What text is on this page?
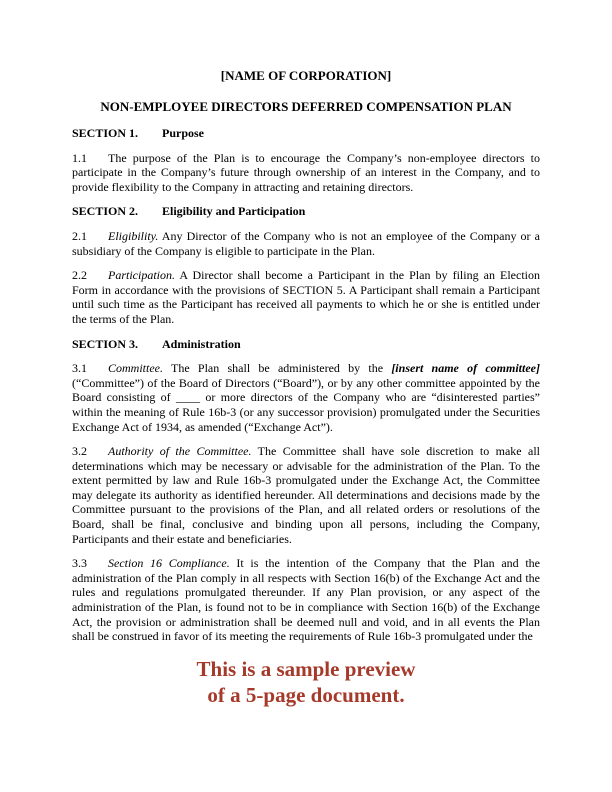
[NAME OF CORPORATION]
NON-EMPLOYEE DIRECTORS DEFERRED COMPENSATION PLAN
SECTION 1. Purpose

1.1 The purpose of the Plan is to encourage the Company’s non-employee directors to participate in the Company’s future through ownership of an interest in the Company, and to provide flexibility to the Company in attracting and retaining directors.

SECTION 2. Eligibility and Participation

2.1 Eligibility. Any Director of the Company who is not an employee of the Company or a subsidiary of the Company is eligible to participate in the Plan.

2.2 Participation. A Director shall become a Participant in the Plan by filing an Election Form in accordance with the provisions of SECTION 5. A Participant shall remain a Participant until such time as the Participant has received all payments to which he or she is entitled under the terms of the Plan.

SECTION 3. Administration

3.1 Committee. The Plan shall be administered by the [insert name of committee] (“Committee”) of the Board of Directors (“Board”), or by any other committee appointed by the Board consisting of ____ or more directors of the Company who are “disinterested parties” within the meaning of Rule 16b-3 (or any successor provision) promulgated under the Securities Exchange Act of 1934, as amended (“Exchange Act”).

3.2 Authority of the Committee. The Committee shall have sole discretion to make all determinations which may be necessary or advisable for the administration of the Plan. To the extent permitted by law and Rule 16b-3 promulgated under the Exchange Act, the Committee may delegate its authority as identified hereunder. All determinations and decisions made by the Committee pursuant to the provisions of the Plan, and all related orders or resolutions of the Board, shall be final, conclusive and binding upon all persons, including the Company, Participants and their estate and beneficiaries.

3.3 Section 16 Compliance. It is the intention of the Company that the Plan and the administration of the Plan comply in all respects with Section 16(b) of the Exchange Act and the rules and regulations promulgated thereunder. If any Plan provision, or any aspect of the administration of the Plan, is found not to be in compliance with Section 16(b) of the Exchange Act, the provision or administration shall be deemed null and void, and in all events the Plan shall be construed in favor of its meeting the requirements of Rule 16b-3 promulgated under the

This is a sample preview
of a 5-page document.
